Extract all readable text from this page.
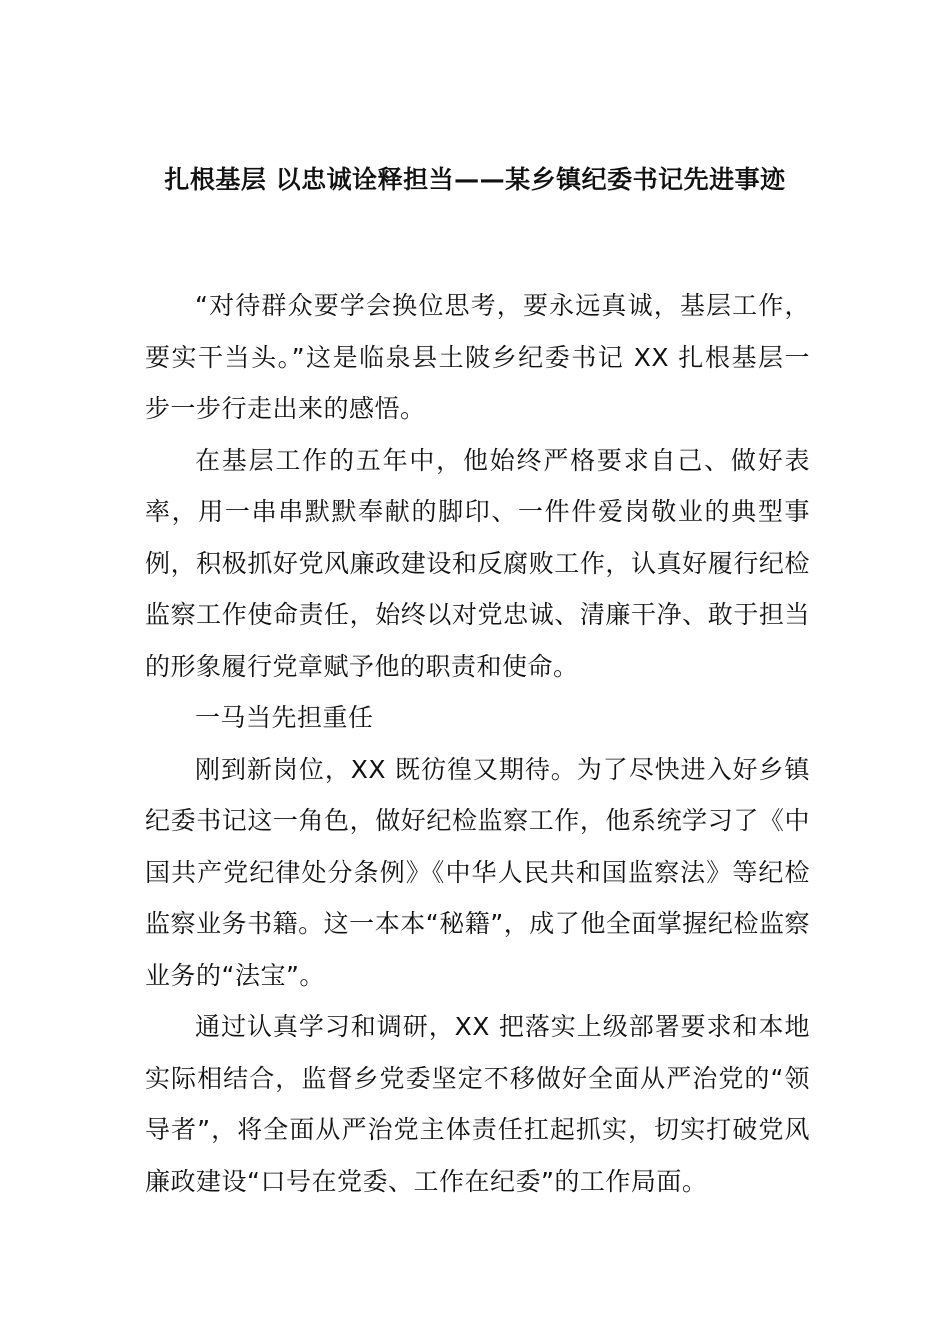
扎根基层 以忠诚诠释担当——某乡镇纪委书记先进事迹

“对待群众要学会换位思考，要永远真诚，基层工作，要实干当头。”这是临泉县土陂乡纪委书记 XX 扎根基层一步一步行走出来的感悟。

在基层工作的五年中，他始终严格要求自己、做好表率，用一串串默默奉献的脚印、一件件爱岗敬业的典型事例，积极抓好党风廉政建设和反腐败工作，认真好履行纪检监察工作使命责任，始终以对党忠诚、清廉干净、敢于担当的形象履行党章赋予他的职责和使命。

一马当先担重任

刚到新岗位，XX 既彷徨又期待。为了尽快进入好乡镇纪委书记这一角色，做好纪检监察工作，他系统学习了《中国共产党纪律处分条例》《中华人民共和国监察法》等纪检监察业务书籍。这一本本“秘籍”，成了他全面掌握纪检监察业务的“法宝”。

通过认真学习和调研，XX 把落实上级部署要求和本地实际相结合，监督乡党委坚定不移做好全面从严治党的“领导者”，将全面从严治党主体责任扛起抓实，切实打破党风廉政建设“口号在党委、工作在纪委”的工作局面。
